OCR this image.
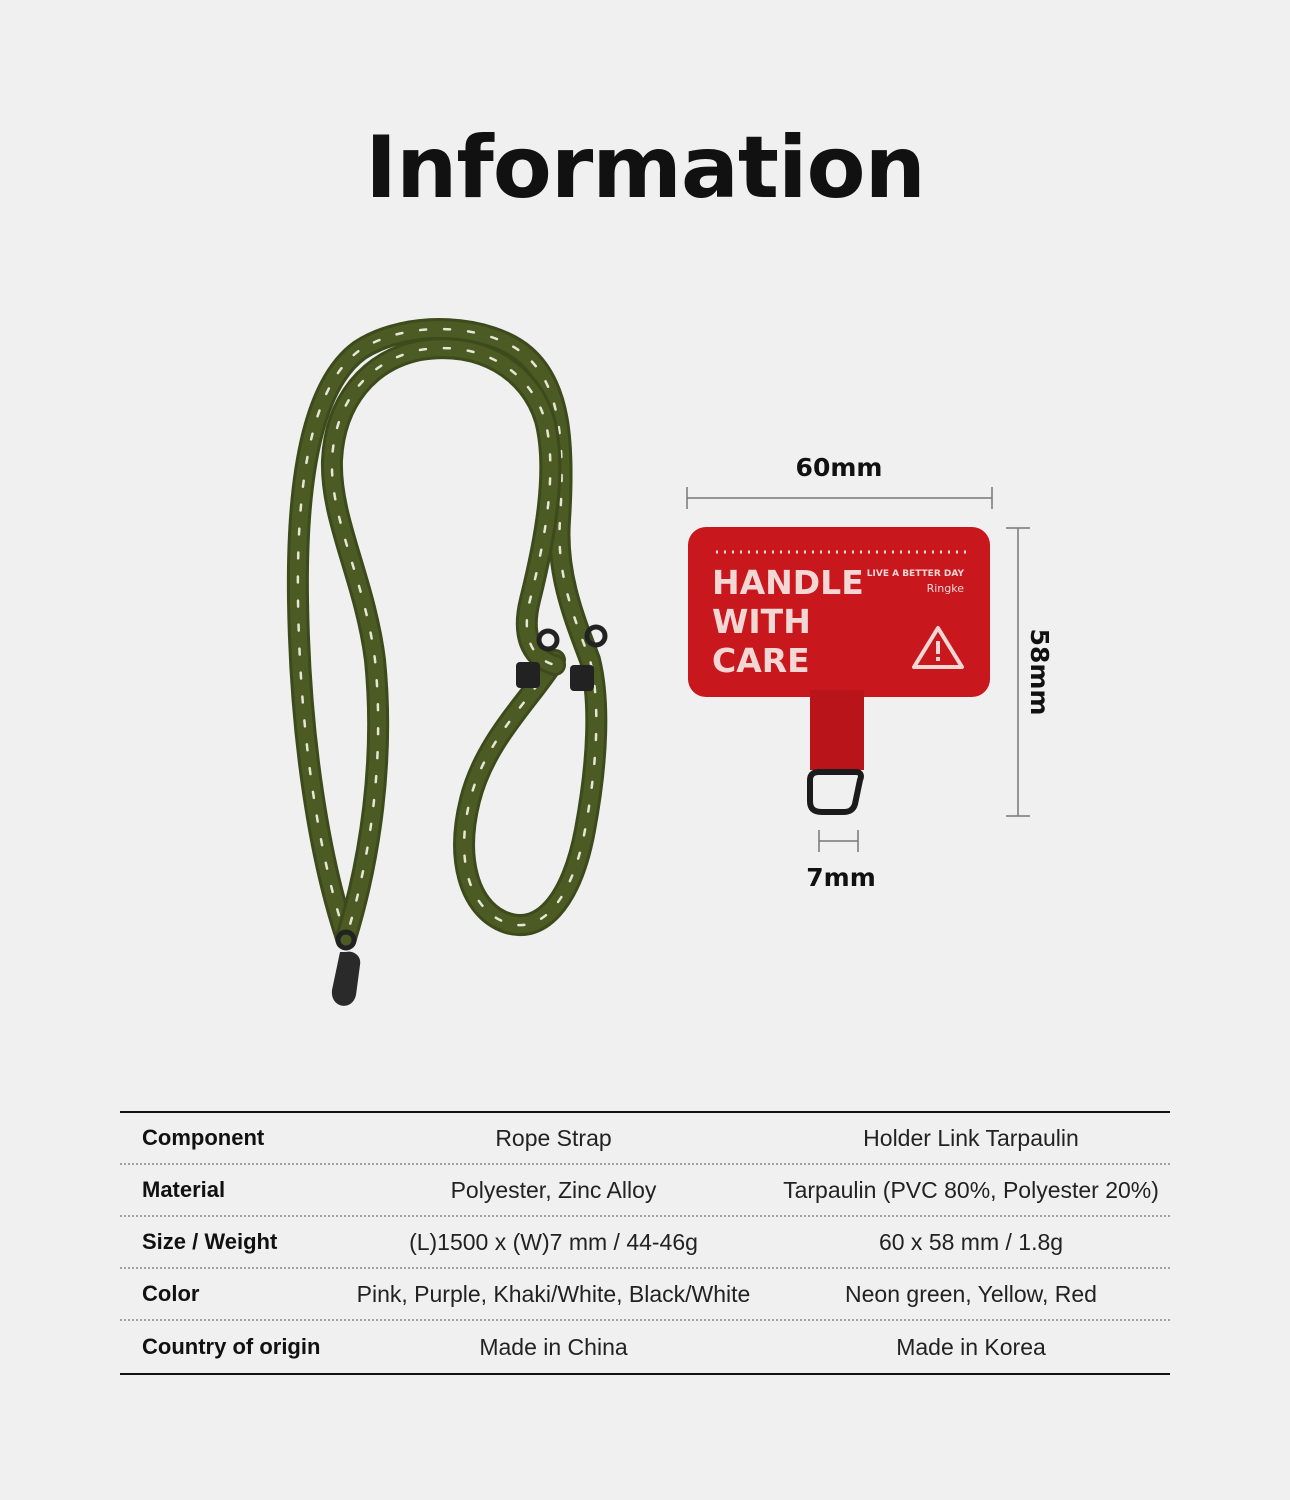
Information
60mm
58mm
7mm
HANDLE
WITH
CARE
LIVE A BETTER DAY
Ringke
Component	Rope Strap	Holder Link Tarpaulin
Material	Polyester, Zinc Alloy	Tarpaulin (PVC 80%, Polyester 20%)
Size / Weight	(L)1500 x (W)7 mm / 44-46g	60 x 58 mm / 1.8g
Color	Pink, Purple, Khaki/White, Black/White	Neon green, Yellow, Red
Country of origin	Made in China	Made in Korea
